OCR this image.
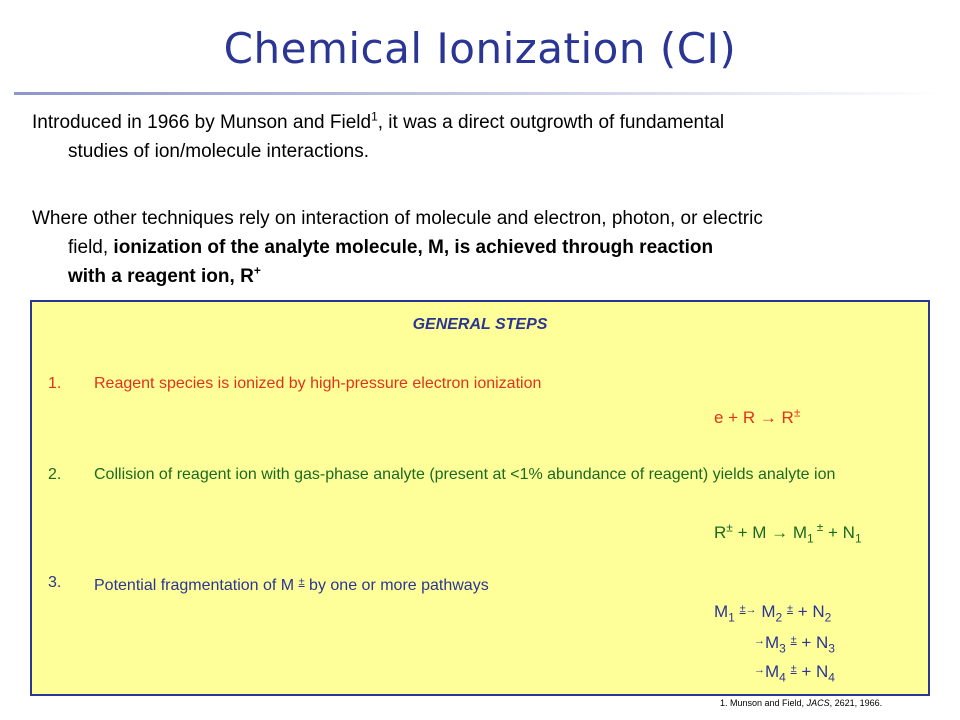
Chemical Ionization (CI)
Introduced in 1966 by Munson and Field$^1$, it was a direct outgrowth of fundamental
studies of ion/molecule interactions.
Where other techniques rely on interaction of molecule and electron, photon, or electric
field, ionization of the analyte molecule, M, is achieved through reaction
with a reagent ion, R+
GENERAL STEPS
1. Reagent species is ionized by high-pressure electron ionization
e + R → R±
2. Collision of reagent ion with gas-phase analyte (present at <1% abundance of reagent) yields analyte ion
$R^\pm + M \to M_1^\pm + N_1$
3. Potential fragmentation of M ± by one or more pathways
$M_1$ ±→ $M_2$ $^\pm + N_2$
$^\to M_3$ $^\pm + N_3$
$^\to M_4$ $^\pm + N_4$
1. Munson and Field, JACS, 2621, 1966.
